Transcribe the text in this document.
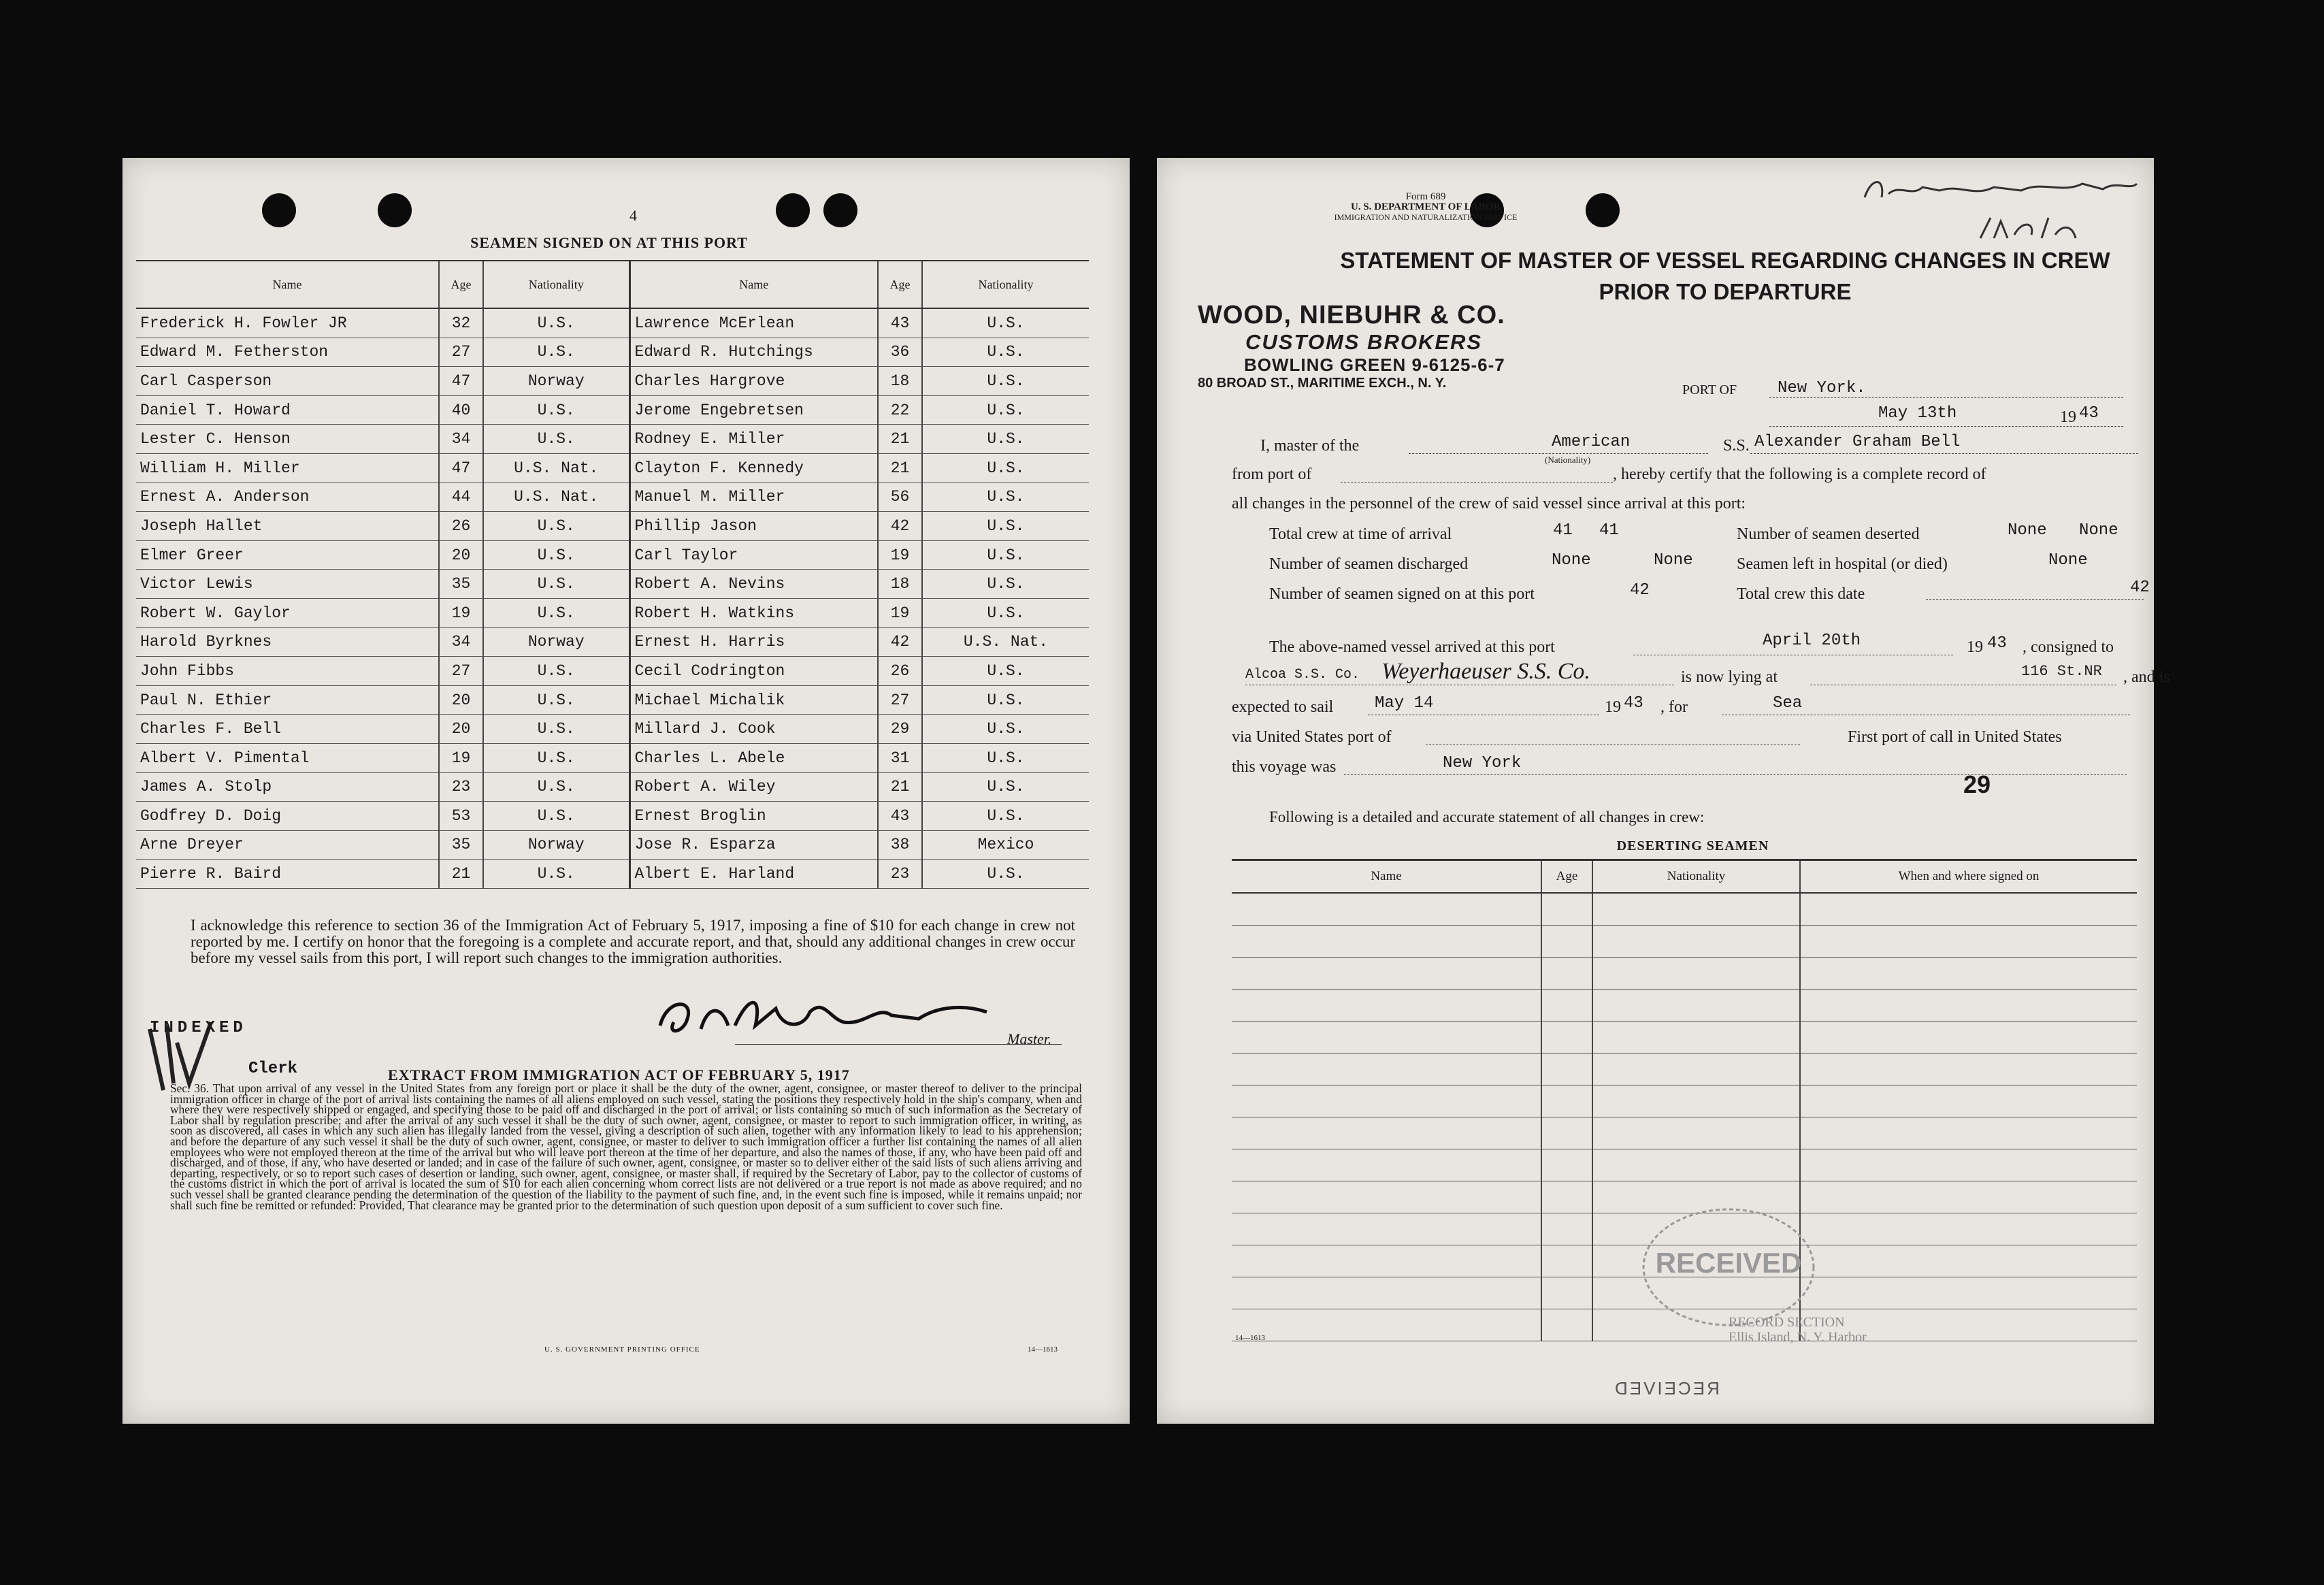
4
SEAMEN SIGNED ON AT THIS PORT
Name	Age	Nationality	Name	Age	Nationality
Frederick H. Fowler JR	32	U.S.	Lawrence McErlean	43	U.S.
Edward M. Fetherston	27	U.S.	Edward R. Hutchings	36	U.S.
Carl Casperson	47	Norway	Charles Hargrove	18	U.S.
Daniel T. Howard	40	U.S.	Jerome Engebretsen	22	U.S.
Lester C. Henson	34	U.S.	Rodney E. Miller	21	U.S.
William H. Miller	47	U.S. Nat.	Clayton F. Kennedy	21	U.S.
Ernest A. Anderson	44	U.S. Nat.	Manuel M. Miller	56	U.S.
Joseph Hallet	26	U.S.	Phillip Jason	42	U.S.
Elmer Greer	20	U.S.	Carl Taylor	19	U.S.
Victor Lewis	35	U.S.	Robert A. Nevins	18	U.S.
Robert W. Gaylor	19	U.S.	Robert H. Watkins	19	U.S.
Harold Byrknes	34	Norway	Ernest H. Harris	42	U.S. Nat.
John Fibbs	27	U.S.	Cecil Codrington	26	U.S.
Paul N. Ethier	20	U.S.	Michael Michalik	27	U.S.
Charles F. Bell	20	U.S.	Millard J. Cook	29	U.S.
Albert V. Pimental	19	U.S.	Charles L. Abele	31	U.S.
James A. Stolp	23	U.S.	Robert A. Wiley	21	U.S.
Godfrey D. Doig	53	U.S.	Ernest Broglin	43	U.S.
Arne Dreyer	35	Norway	Jose R. Esparza	38	Mexico
Pierre R. Baird	21	U.S.	Albert E. Harland	23	U.S.
I acknowledge this reference to section 36 of the Immigration Act of February 5, 1917, imposing a fine of $10 for each change in crew not reported by me. I certify on honor that the foregoing is a complete and accurate report, and that, should any additional changes in crew occur before my vessel sails from this port, I will report such changes to the immigration authorities.
INDEXED
Clerk
Master.
EXTRACT FROM IMMIGRATION ACT OF FEBRUARY 5, 1917
Sec. 36. That upon arrival of any vessel in the United States from any foreign port or place it shall be the duty of the owner, agent, consignee, or master thereof to deliver to the principal immigration officer in charge of the port of arrival lists containing the names of all aliens employed on such vessel, stating the positions they respectively hold in the ship's company, when and where they were respectively shipped or engaged, and specifying those to be paid off and discharged in the port of arrival; or lists containing so much of such information as the Secretary of Labor shall by regulation prescribe; and after the arrival of any such vessel it shall be the duty of such owner, agent, consignee, or master to report to such immigration officer, in writing, as soon as discovered, all cases in which any such alien has illegally landed from the vessel, giving a description of such alien, together with any information likely to lead to his apprehension; and before the departure of any such vessel it shall be the duty of such owner, agent, consignee, or master to deliver to such immigration officer a further list containing the names of all alien employees who were not employed thereon at the time of the arrival but who will leave port thereon at the time of her departure, and also the names of those, if any, who have been paid off and discharged, and of those, if any, who have deserted or landed; and in case of the failure of such owner, agent, consignee, or master so to deliver either of the said lists of such aliens arriving and departing, respectively, or so to report such cases of desertion or landing, such owner, agent, consignee, or master shall, if required by the Secretary of Labor, pay to the collector of customs of the customs district in which the port of arrival is located the sum of $10 for each alien concerning whom correct lists are not delivered or a true report is not made as above required; and no such vessel shall be granted clearance pending the determination of the question of the liability to the payment of such fine, and, in the event such fine is imposed, while it remains unpaid; nor shall such fine be remitted or refunded: Provided, That clearance may be granted prior to the determination of such question upon deposit of a sum sufficient to cover such fine.
U. S. GOVERNMENT PRINTING OFFICE	14—1613
Form 689
U. S. DEPARTMENT OF LABOR
IMMIGRATION AND NATURALIZATION SERVICE
STATEMENT OF MASTER OF VESSEL REGARDING CHANGES IN CREW
PRIOR TO DEPARTURE
WOOD, NIEBUHR & CO.
CUSTOMS BROKERS
BOWLING GREEN 9-6125-6-7
80 BROAD ST., MARITIME EXCH., N. Y.	PORT OF New York.
May 13th	19 43
I, master of the	American
(Nationality)
S.S. Alexander Graham Bell
from port of	, hereby certify that the following is a complete record of
all changes in the personnel of the crew of said vessel since arrival at this port:
Total crew at time of arrival	41 41	Number of seamen deserted	None None
Number of seamen discharged	None	None	Seamen left in hospital (or died)	None
Number of seamen signed on at this port	42	Total crew this date	42
The above-named vessel arrived at this port	April 20th	19 43 , consigned to
Alcoa S.S. Co. Weyerhaeuser S.S. Co.	is now lying at	116 St.NR , and is
expected to sail	May 14	19 43 , for	Sea
via United States port of	First port of call in United States
this voyage was	New York
29
Following is a detailed and accurate statement of all changes in crew:
DESERTING SEAMEN
Name	Age	Nationality	When and where signed on

RECEIVED
RECORD SECTION
Ellis Island, N. Y. Harbor
14—1613
RECEIVED
